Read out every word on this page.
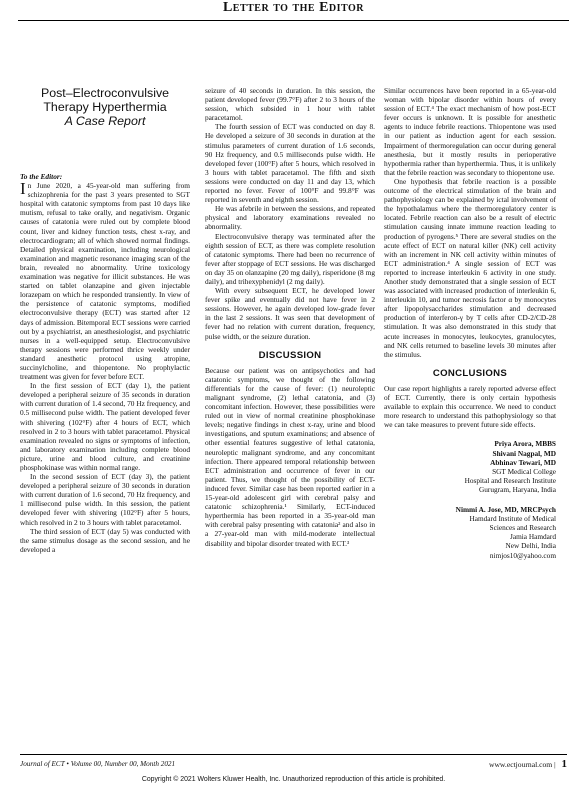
Letter to the Editor
Post–Electroconvulsive Therapy Hyperthermia
A Case Report

To the Editor:

In June 2020, a 45-year-old man suffering from schizophrenia for the past 3 years presented to SGT hospital with catatonic symptoms from past 10 days like mutism, refusal to take orally, and negativism. Organic causes of catatonia were ruled out by complete blood count, liver and kidney function tests, chest x-ray, and electrocardiogram; all of which showed normal findings. Detailed physical examination, including neurological examination and magnetic resonance imaging scan of the brain, revealed no abnormality. Urine toxicology examination was negative for illicit substances. He was started on tablet olanzapine and given injectable lorazepam on which he responded transiently. In view of the persistence of catatonic symptoms, modified electroconvulsive therapy (ECT) was started after 12 days of admission. Bitemporal ECT sessions were carried out by a psychiatrist, an anesthesiologist, and psychiatric nurses in a well-equipped setup. Electroconvulsive therapy sessions were performed thrice weekly under standard anesthetic protocol using atropine, succinylcholine, and thiopentone. No prophylactic treatment was given for fever before ECT.

In the first session of ECT (day 1), the patient developed a peripheral seizure of 35 seconds in duration with current duration of 1.4 second, 70 Hz frequency, and 0.5 millisecond pulse width. The patient developed fever with shivering (102°F) after 4 hours of ECT, which resolved in 2 to 3 hours with tablet paracetamol. Physical examination revealed no signs or symptoms of infection, and laboratory examination including complete blood picture, urine and blood culture, and creatinine phosphokinase was within normal range.

In the second session of ECT (day 3), the patient developed a peripheral seizure of 30 seconds in duration with current duration of 1.6 second, 70 Hz frequency, and 1 millisecond pulse width. In this session, the patient developed fever with shivering (102°F) after 5 hours, which resolved in 2 to 3 hours with tablet paracetamol.

The third session of ECT (day 5) was conducted with the same stimulus dosage as the second session, and he developed a

seizure of 40 seconds in duration. In this session, the patient developed fever (99.7°F) after 2 to 3 hours of the session, which subsided in 1 hour with tablet paracetamol.

The fourth session of ECT was conducted on day 8. He developed a seizure of 30 seconds in duration at the stimulus parameters of current duration of 1.6 seconds, 90 Hz frequency, and 0.5 milliseconds pulse width. He developed fever (100°F) after 5 hours, which resolved in 3 hours with tablet paracetamol. The fifth and sixth sessions were conducted on day 11 and day 13, which reported no fever. Fever of 100°F and 99.8°F was reported in seventh and eighth session.

He was afebrile in between the sessions, and repeated physical and laboratory examinations revealed no abnormality.

Electroconvulsive therapy was terminated after the eighth session of ECT, as there was complete resolution of catatonic symptoms. There had been no recurrence of fever after stoppage of ECT sessions. He was discharged on day 35 on olanzapine (20 mg daily), risperidone (8 mg daily), and trihexyphenidyl (2 mg daily).

With every subsequent ECT, he developed lower fever spike and eventually did not have fever in 2 sessions. However, he again developed low-grade fever in the last 2 sessions. It was seen that development of fever had no relation with current duration, frequency, pulse width, or the seizure duration.

DISCUSSION

Because our patient was on antipsychotics and had catatonic symptoms, we thought of the following differentials for the cause of fever: (1) neuroleptic malignant syndrome, (2) lethal catatonia, and (3) concomitant infection. However, these possibilities were ruled out in view of normal creatinine phosphokinase levels; negative findings in chest x-ray, urine and blood investigations, and sputum examinations; and absence of other essential features suggestive of lethal catatonia, neuroleptic malignant syndrome, and any concomitant infection. There appeared temporal relationship between ECT administration and occurrence of fever in our patient. Thus, we thought of the possibility of ECT-induced fever. Similar case has been reported earlier in a 15-year-old adolescent girl with cerebral palsy and catatonic schizophrenia.¹ Similarly, ECT-induced hyperthermia has been reported in a 35-year-old man with cerebral palsy presenting with catatonia² and also in a 27-year-old man with mild-moderate intellectual disability and bipolar disorder treated with ECT.³

Similar occurrences have been reported in a 65-year-old woman with bipolar disorder within hours of every session of ECT.⁴ The exact mechanism of how post-ECT fever occurs is unknown. It is possible for anesthetic agents to induce febrile reactions. Thiopentone was used in our patient as induction agent for each session. Impairment of thermoregulation can occur during general anesthesia, but it mostly results in perioperative hypothermia rather than hyperthermia. Thus, it is unlikely that the febrile reaction was secondary to thiopentone use.

One hypothesis that febrile reaction is a possible outcome of the electrical stimulation of the brain and pathophysiology can be explained by ictal involvement of the hypothalamus where the thermoregulatory center is located. Febrile reaction can also be a result of electric stimulation causing innate immune reaction leading to production of pyrogens.⁵ There are several studies on the acute effect of ECT on natural killer (NK) cell activity with an increment in NK cell activity within minutes of ECT administration.⁴ A single session of ECT was reported to increase interleukin 6 activity in one study. Another study demonstrated that a single session of ECT was associated with increased production of interleukin 6, interleukin 10, and tumor necrosis factor α by monocytes after lipopolysaccharides stimulation and decreased production of interferon-γ by T cells after CD-2/CD-28 stimulation. It was also demonstrated in this study that acute increases in monocytes, leukocytes, granulocytes, and NK cells returned to baseline levels 30 minutes after the stimulus.

CONCLUSIONS

Our case report highlights a rarely reported adverse effect of ECT. Currently, there is only certain hypothesis available to explain this occurrence. We need to conduct more research to understand this pathophysiology so that we can take measures to prevent future side effects.

Priya Arora, MBBS
Shivani Nagpal, MD
Abhinav Tewari, MD
SGT Medical College
Hospital and Research Institute
Gurugram, Haryana, India
Nimmi A. Jose, MD, MRCPsych
Hamdard Institute of Medical
Sciences and Research
Jamia Hamdard
New Delhi, India
nimjos10@yahoo.com
Journal of ECT • Volume 00, Number 00, Month 2021	www.ectjournal.com | 1
Copyright © 2021 Wolters Kluwer Health, Inc. Unauthorized reproduction of this article is prohibited.
